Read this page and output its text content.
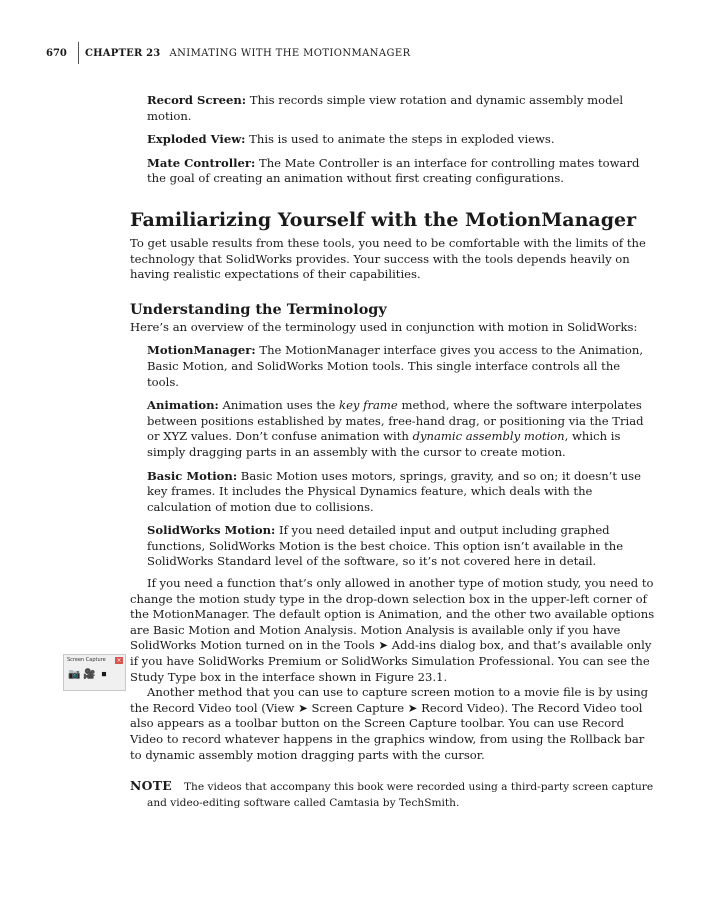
670	CHAPTER 23 ANIMATING WITH THE MOTIONMANAGER
Screen Capture	×
📷 🎥 ⏹

Record Screen: This records simple view rotation and dynamic assembly model motion.

Exploded View: This is used to animate the steps in exploded views.

Mate Controller: The Mate Controller is an interface for controlling mates toward the goal of creating an animation without first creating configurations.

Familiarizing Yourself with the MotionManager

To get usable results from these tools, you need to be comfortable with the limits of the technology that SolidWorks provides. Your success with the tools depends heavily on having realistic expectations of their capabilities.

Understanding the Terminology

Here’s an overview of the terminology used in conjunction with motion in SolidWorks:

MotionManager: The MotionManager interface gives you access to the Animation, Basic Motion, and SolidWorks Motion tools. This single interface controls all the tools.

Animation: Animation uses the key frame method, where the software interpolates between positions established by mates, free-hand drag, or positioning via the Triad or XYZ values. Don’t confuse animation with dynamic assembly motion, which is simply dragging parts in an assembly with the cursor to create motion.

Basic Motion: Basic Motion uses motors, springs, gravity, and so on; it doesn’t use key frames. It includes the Physical Dynamics feature, which deals with the calculation of motion due to collisions.

SolidWorks Motion: If you need detailed input and output including graphed functions, SolidWorks Motion is the best choice. This option isn’t available in the SolidWorks Standard level of the software, so it’s not covered here in detail.

If you need a function that’s only allowed in another type of motion study, you need to change the motion study type in the drop-down selection box in the upper-left corner of the MotionManager. The default option is Animation, and the other two available options are Basic Motion and Motion Analysis. Motion Analysis is available only if you have SolidWorks Motion turned on in the Tools ➤ Add-ins dialog box, and that’s available only if you have SolidWorks Premium or SolidWorks Simulation Professional. You can see the Study Type box in the interface shown in Figure 23.1.

Another method that you can use to capture screen motion to a movie file is by using the Record Video tool (View ➤ Screen Capture ➤ Record Video). The Record Video tool also appears as a toolbar button on the Screen Capture toolbar. You can use Record Video to record whatever happens in the graphics window, from using the Rollback bar to dynamic assembly motion dragging parts with the cursor.

NOTE The videos that accompany this book were recorded using a third-party screen capture and video-editing software called Camtasia by TechSmith.
